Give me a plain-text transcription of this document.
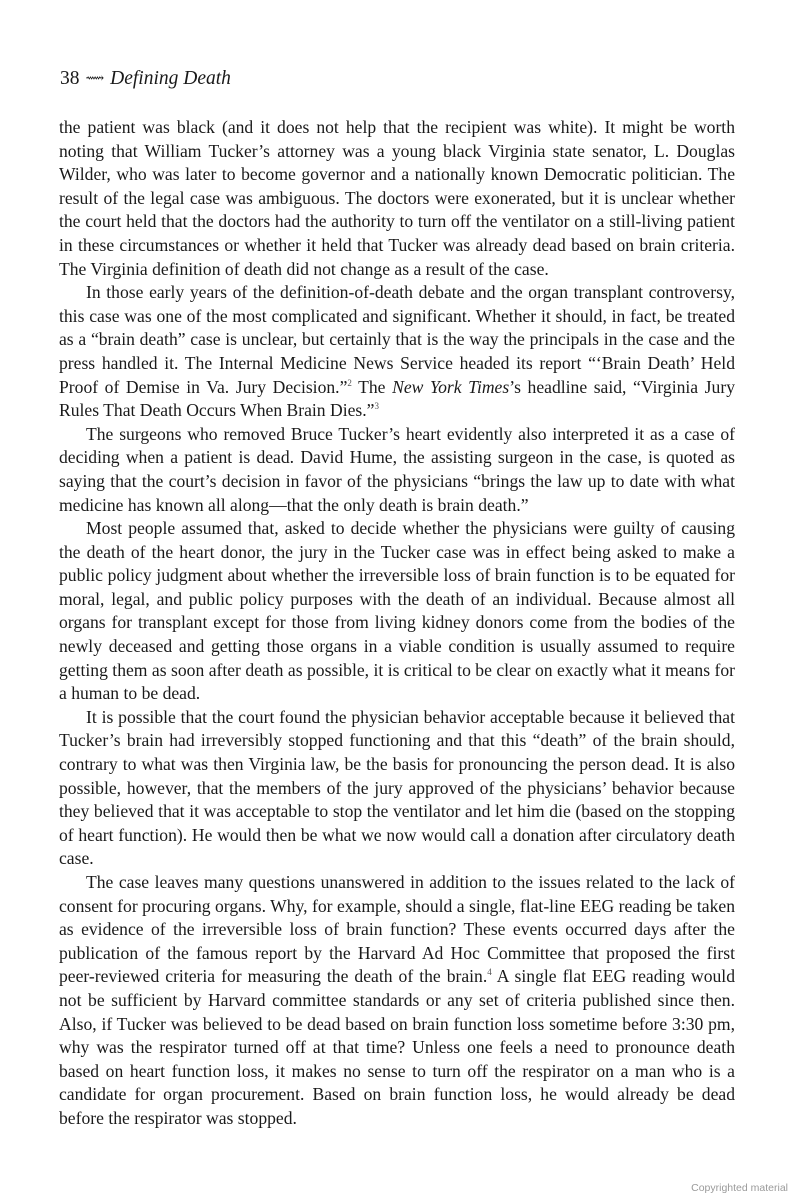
38 ⟿ Defining Death

the patient was black (and it does not help that the recipient was white). It might be worth noting that William Tucker’s attorney was a young black Virginia state senator, L. Douglas Wilder, who was later to become governor and a nationally known Democratic politician. The result of the legal case was ambiguous. The doctors were exonerated, but it is unclear whether the court held that the doctors had the authority to turn off the ventilator on a still-living patient in these circumstances or whether it held that Tucker was already dead based on brain criteria. The Virginia definition of death did not change as a result of the case.

In those early years of the definition-of-death debate and the organ transplant controversy, this case was one of the most complicated and significant. Whether it should, in fact, be treated as a “brain death” case is unclear, but certainly that is the way the principals in the case and the press handled it. The Internal Medicine News Service headed its report “‘Brain Death’ Held Proof of Demise in Va. Jury Decision.”$^2$ The New York Times’s headline said, “Virginia Jury Rules That Death Occurs When Brain Dies.”$^3$

The surgeons who removed Bruce Tucker’s heart evidently also interpreted it as a case of deciding when a patient is dead. David Hume, the assisting surgeon in the case, is quoted as saying that the court’s decision in favor of the physicians “brings the law up to date with what medicine has known all along—that the only death is brain death.”

Most people assumed that, asked to decide whether the physicians were guilty of causing the death of the heart donor, the jury in the Tucker case was in effect being asked to make a public policy judgment about whether the irreversible loss of brain function is to be equated for moral, legal, and public policy purposes with the death of an individual. Because almost all organs for transplant except for those from living kidney donors come from the bodies of the newly deceased and getting those organs in a viable condition is usually assumed to require getting them as soon after death as possible, it is critical to be clear on exactly what it means for a human to be dead.

It is possible that the court found the physician behavior acceptable because it believed that Tucker’s brain had irreversibly stopped functioning and that this “death” of the brain should, contrary to what was then Virginia law, be the basis for pronouncing the person dead. It is also possible, however, that the members of the jury approved of the physicians’ behavior because they believed that it was acceptable to stop the ventilator and let him die (based on the stopping of heart function). He would then be what we now would call a donation after circulatory death case.

The case leaves many questions unanswered in addition to the issues related to the lack of consent for procuring organs. Why, for example, should a single, flat-line EEG reading be taken as evidence of the irreversible loss of brain function? These events occurred days after the publication of the famous report by the Harvard Ad Hoc Committee that proposed the first peer-reviewed criteria for measuring the death of the brain.$^4$ A single flat EEG reading would not be sufficient by Harvard committee standards or any set of criteria published since then. Also, if Tucker was believed to be dead based on brain function loss sometime before 3:30 pm, why was the respirator turned off at that time? Unless one feels a need to pronounce death based on heart function loss, it makes no sense to turn off the respirator on a man who is a candidate for organ procurement. Based on brain function loss, he would already be dead before the respirator was stopped.

Copyrighted material
